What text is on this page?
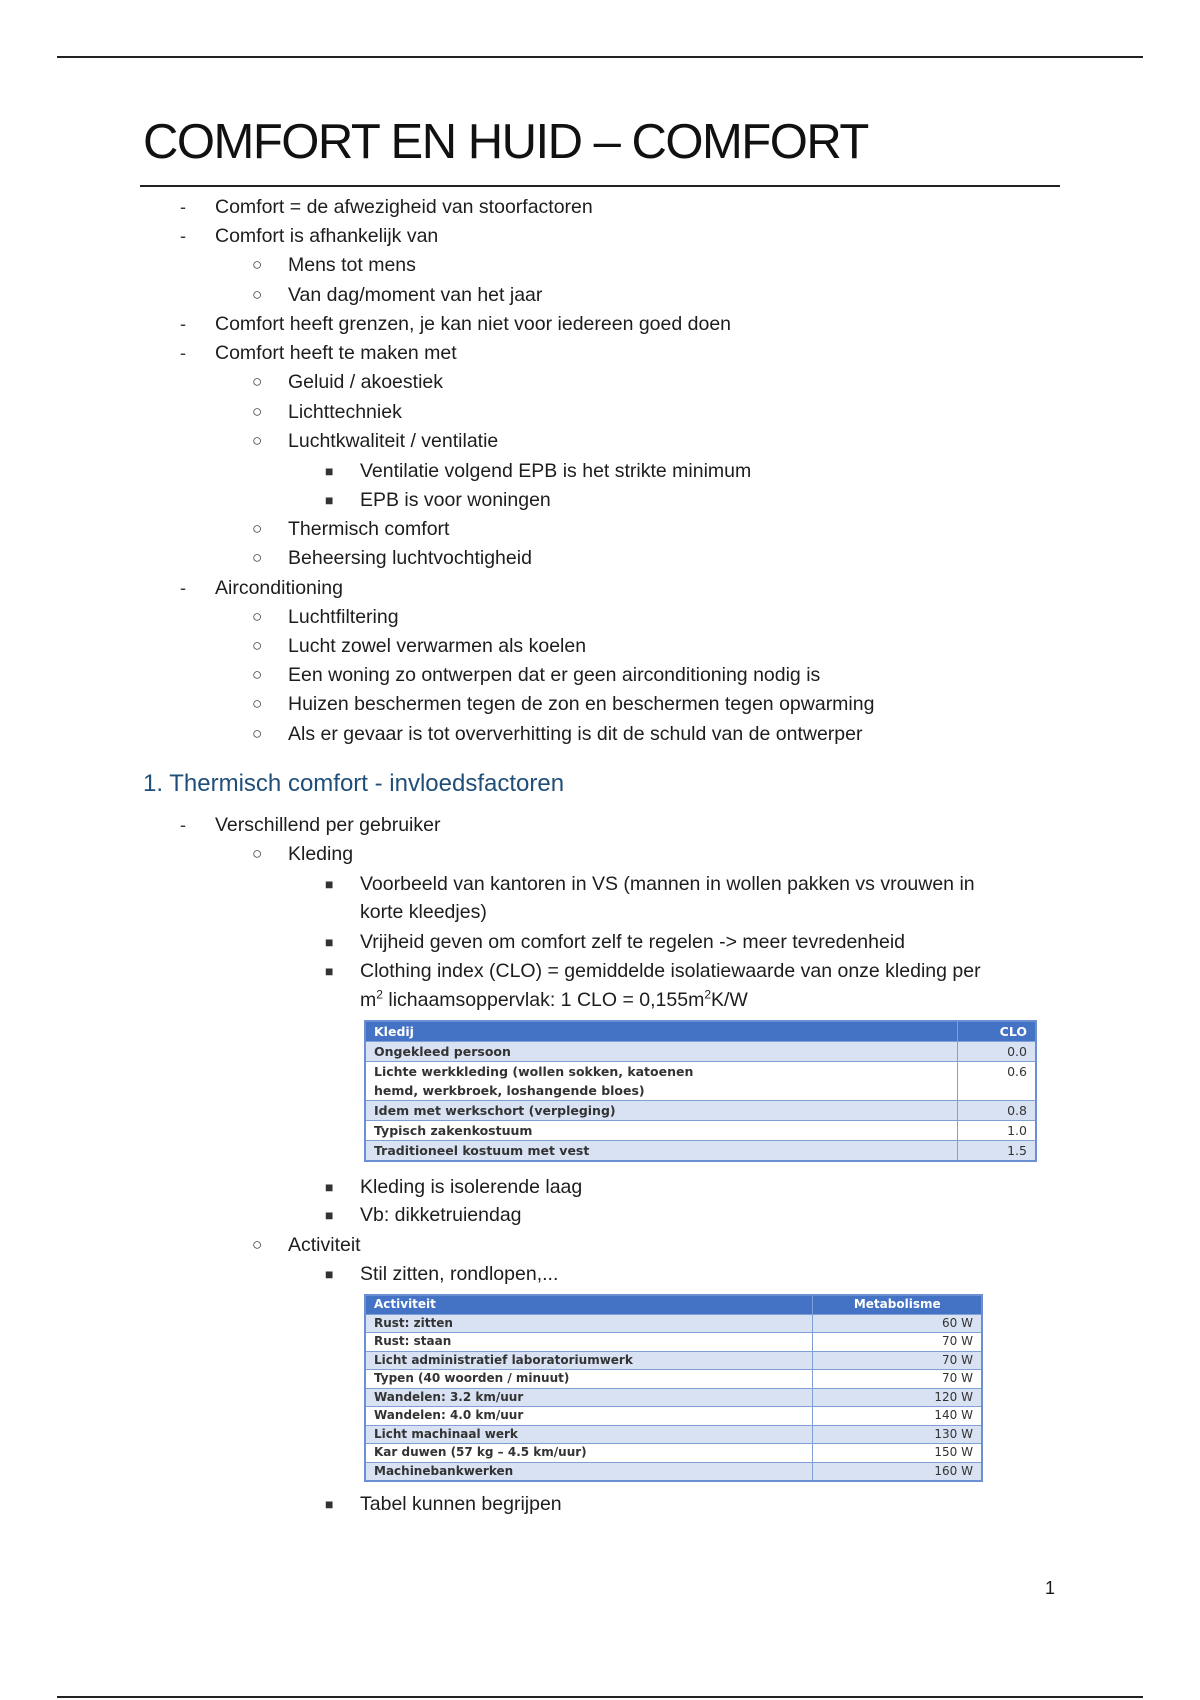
COMFORT EN HUID – COMFORT
- Comfort = de afwezigheid van stoorfactoren
- Comfort is afhankelijk van
○ Mens tot mens
○ Van dag/moment van het jaar
- Comfort heeft grenzen, je kan niet voor iedereen goed doen
- Comfort heeft te maken met
○ Geluid / akoestiek
○ Lichttechniek
○ Luchtkwaliteit / ventilatie
■ Ventilatie volgend EPB is het strikte minimum
■ EPB is voor woningen
○ Thermisch comfort
○ Beheersing luchtvochtigheid
- Airconditioning
○ Luchtfiltering
○ Lucht zowel verwarmen als koelen
○ Een woning zo ontwerpen dat er geen airconditioning nodig is
○ Huizen beschermen tegen de zon en beschermen tegen opwarming
○ Als er gevaar is tot oververhitting is dit de schuld van de ontwerper
1. Thermisch comfort - invloedsfactoren
- Verschillend per gebruiker
○ Kleding
■ Voorbeeld van kantoren in VS (mannen in wollen pakken vs vrouwen in
korte kleedjes)
■ Vrijheid geven om comfort zelf te regelen -> meer tevredenheid
■ Clothing index (CLO) = gemiddelde isolatiewaarde van onze kleding per
$m^2$ lichaamsoppervlak: 1 CLO = $0,155m^2K/W$
Kledij	CLO
Ongekleed persoon	0.0
Lichte werkkleding (wollen sokken, katoenen
hemd, werkbroek, loshangende bloes)	0.6
Idem met werkschort (verpleging)	0.8
Typisch zakenkostuum	1.0
Traditioneel kostuum met vest	1.5
■ Kleding is isolerende laag
■ Vb: dikketruiendag
○ Activiteit
■ Stil zitten, rondlopen,...
Activiteit	Metabolisme
Rust: zitten	60 W
Rust: staan	70 W
Licht administratief laboratoriumwerk	70 W
Typen (40 woorden / minuut)	70 W
Wandelen: 3.2 km/uur	120 W
Wandelen: 4.0 km/uur	140 W
Licht machinaal werk	130 W
Kar duwen (57 kg – 4.5 km/uur)	150 W
Machinebankwerken	160 W
■ Tabel kunnen begrijpen
1
